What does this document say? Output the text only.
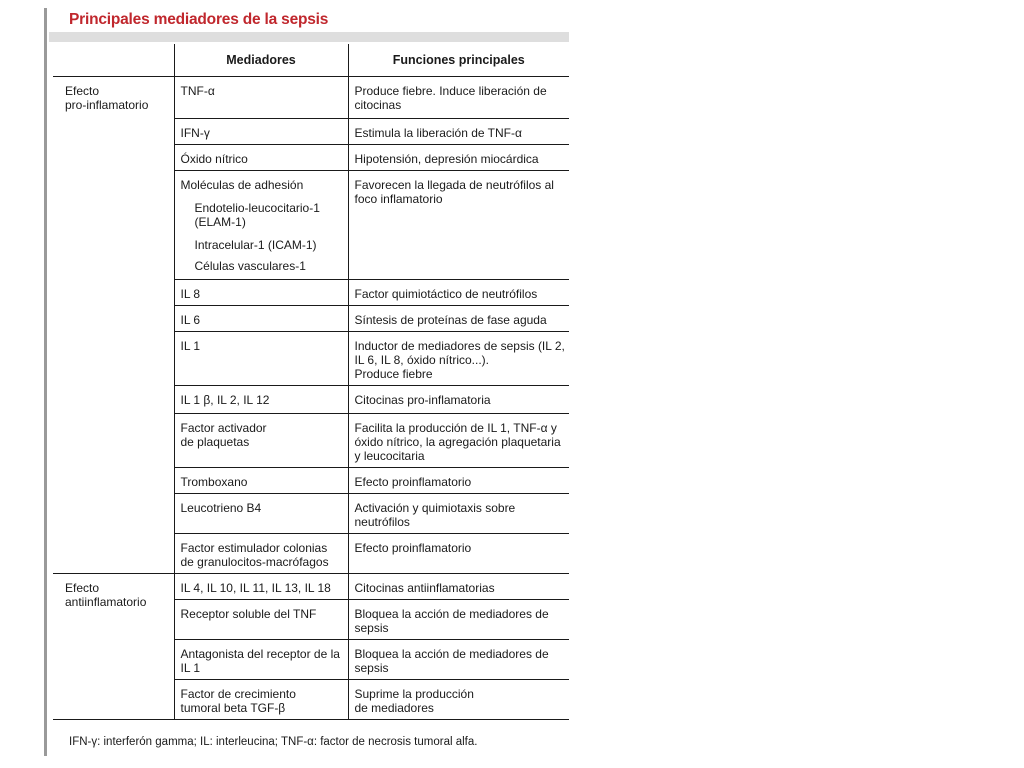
Principales mediadores de la sepsis
	Mediadores	Funciones principales

Efecto
pro-inflamatorio	TNF-α	Produce fiebre. Induce liberación de citocinas
	IFN-γ	Estimula la liberación de TNF-α
	Óxido nítrico	Hipotensión, depresión miocárdica

	Moléculas de adhesión
Endotelio-leucocitario-1 (ELAM-1)
Intracelular-1 (ICAM-1)
Células vasculares-1	Favorecen la llegada de neutrófilos al foco inflamatorio
	IL 8	Factor quimiotáctico de neutrófilos
	IL 6	Síntesis de proteínas de fase aguda
	IL 1	Inductor de mediadores de sepsis (IL 2, IL 6, IL 8, óxido nítrico...).
Produce fiebre

	IL 1 β, IL 2, IL 12	Citocinas pro-inflamatoria

	Factor activador
de plaquetas	Facilita la producción de IL 1, TNF-α y óxido nítrico, la agregación plaquetaria y leucocitaria
	Tromboxano	Efecto proinflamatorio
	Leucotrieno B4	Activación y quimiotaxis sobre neutrófilos
	Factor estimulador colonias de granulocitos-macrófagos	Efecto proinflamatorio

Efecto
antiinflamatorio	IL 4, IL 10, IL 11, IL 13, IL 18	Citocinas antiinflamatorias
	Receptor soluble del TNF	Bloquea la acción de mediadores de sepsis
	Antagonista del receptor de la IL 1	Bloquea la acción de mediadores de sepsis

	Factor de crecimiento
tumoral beta TGF-β	Suprime la producción
de mediadores
IFN-γ: interferón gamma; IL: interleucina; TNF-α: factor de necrosis tumoral alfa.
